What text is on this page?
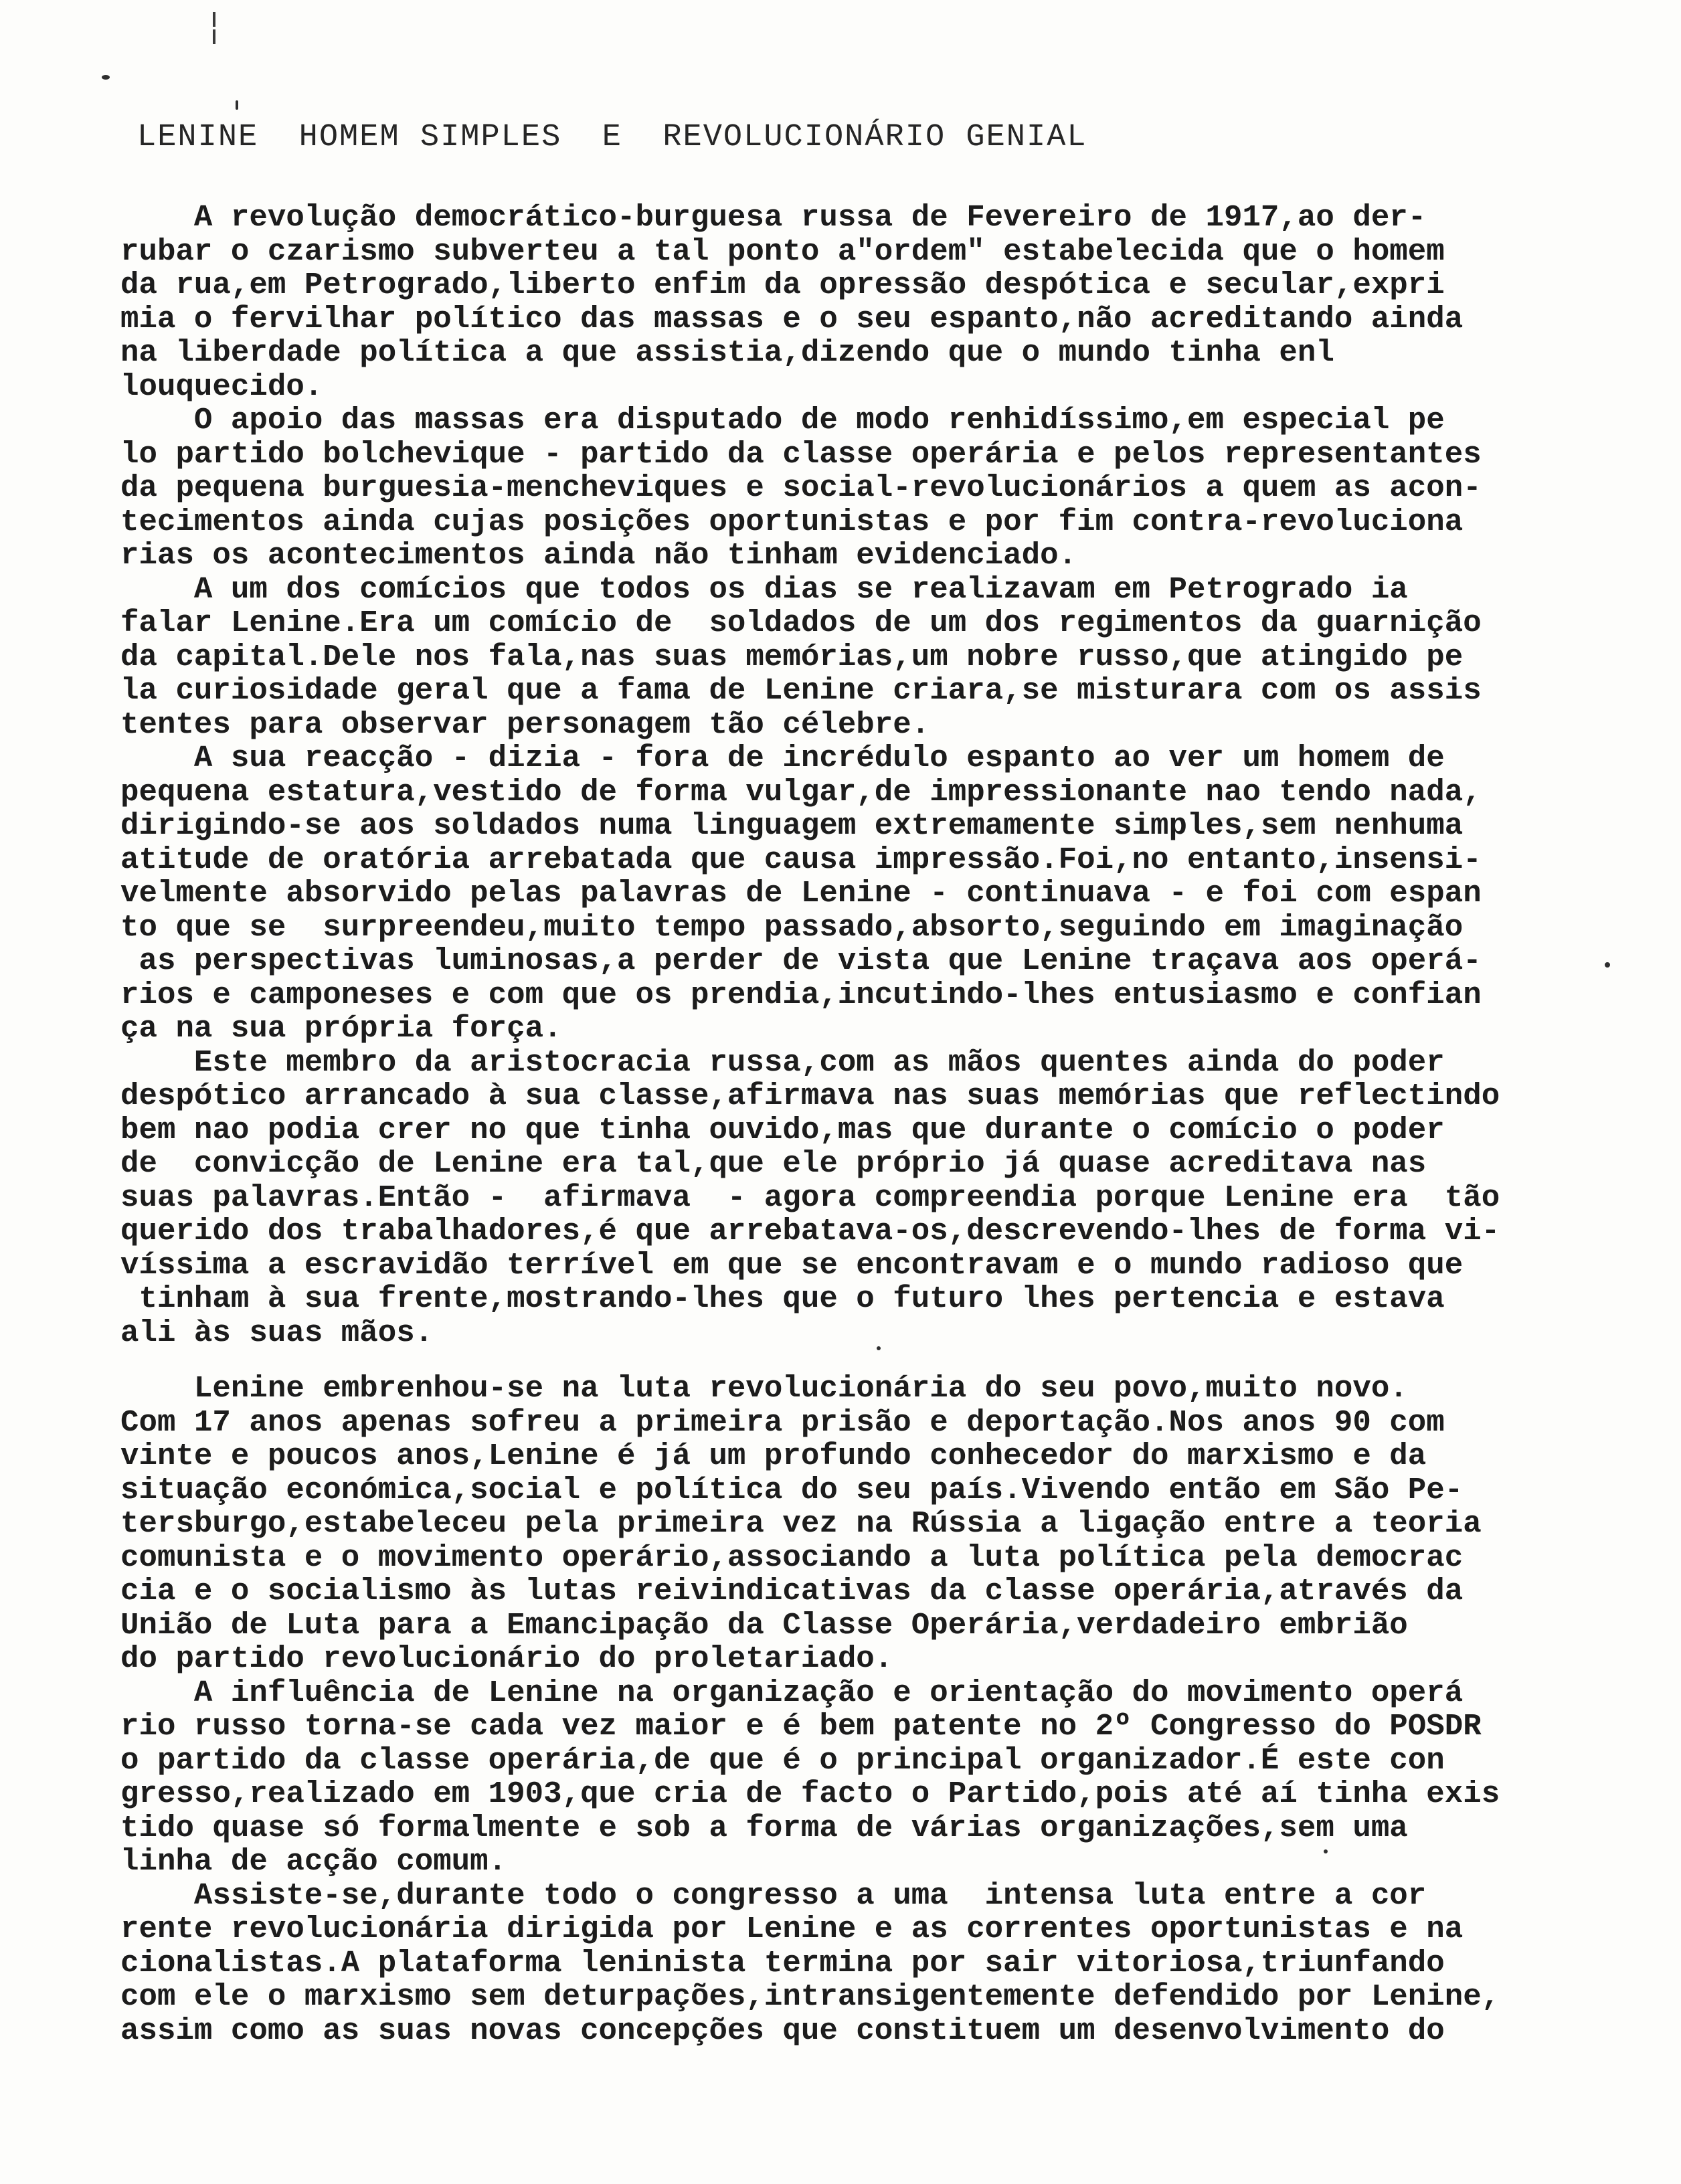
LENINE  HOMEM SIMPLES  E  REVOLUCIONÁRIO GENIAL
A revolução democrático-burguesa russa de Fevereiro de 1917,ao der-
rubar o czarismo subverteu a tal ponto a"ordem" estabelecida que o homem
da rua,em Petrogrado,liberto enfim da opressão despótica e secular,expri
mia o fervilhar político das massas e o seu espanto,não acreditando ainda
na liberdade política a que assistia,dizendo que o mundo tinha enl
louquecido.
O apoio das massas era disputado de modo renhidíssimo,em especial pe
lo partido bolchevique - partido da classe operária e pelos representantes
da pequena burguesia-mencheviques e social-revolucionários a quem as acon-
tecimentos ainda cujas posições oportunistas e por fim contra-revoluciona
rias os acontecimentos ainda não tinham evidenciado.
A um dos comícios que todos os dias se realizavam em Petrogrado ia
falar Lenine.Era um comício de  soldados de um dos regimentos da guarnição
da capital.Dele nos fala,nas suas memórias,um nobre russo,que atingido pe
la curiosidade geral que a fama de Lenine criara,se misturara com os assis
tentes para observar personagem tão célebre.
A sua reacção - dizia - fora de incrédulo espanto ao ver um homem de
pequena estatura,vestido de forma vulgar,de impressionante nao tendo nada,
dirigindo-se aos soldados numa linguagem extremamente simples,sem nenhuma
atitude de oratória arrebatada que causa impressão.Foi,no entanto,insensi-
velmente absorvido pelas palavras de Lenine - continuava - e foi com espan
to que se  surpreendeu,muito tempo passado,absorto,seguindo em imaginação
as perspectivas luminosas,a perder de vista que Lenine traçava aos operá-
rios e camponeses e com que os prendia,incutindo-lhes entusiasmo e confian
ça na sua própria força.
Este membro da aristocracia russa,com as mãos quentes ainda do poder
despótico arrancado à sua classe,afirmava nas suas memórias que reflectindo
bem nao podia crer no que tinha ouvido,mas que durante o comício o poder
de  convicção de Lenine era tal,que ele próprio já quase acreditava nas
suas palavras.Então -  afirmava  - agora compreendia porque Lenine era  tão
querido dos trabalhadores,é que arrebatava-os,descrevendo-lhes de forma vi-
víssima a escravidão terrível em que se encontravam e o mundo radioso que
tinham à sua frente,mostrando-lhes que o futuro lhes pertencia e estava
ali às suas mãos.
Lenine embrenhou-se na luta revolucionária do seu povo,muito novo.
Com 17 anos apenas sofreu a primeira prisão e deportação.Nos anos 90 com
vinte e poucos anos,Lenine é já um profundo conhecedor do marxismo e da
situação económica,social e política do seu país.Vivendo então em São Pe-
tersburgo,estabeleceu pela primeira vez na Rússia a ligação entre a teoria
comunista e o movimento operário,associando a luta política pela democrac
cia e o socialismo às lutas reivindicativas da classe operária,através da
União de Luta para a Emancipação da Classe Operária,verdadeiro embrião
do partido revolucionário do proletariado.
A influência de Lenine na organização e orientação do movimento operá
rio russo torna-se cada vez maior e é bem patente no 2º Congresso do POSDR
o partido da classe operária,de que é o principal organizador.É este con
gresso,realizado em 1903,que cria de facto o Partido,pois até aí tinha exis
tido quase só formalmente e sob a forma de várias organizações,sem uma
linha de acção comum.
Assiste-se,durante todo o congresso a uma  intensa luta entre a cor
rente revolucionária dirigida por Lenine e as correntes oportunistas e na
cionalistas.A plataforma leninista termina por sair vitoriosa,triunfando
com ele o marxismo sem deturpações,intransigentemente defendido por Lenine,
assim como as suas novas concepções que constituem um desenvolvimento do
